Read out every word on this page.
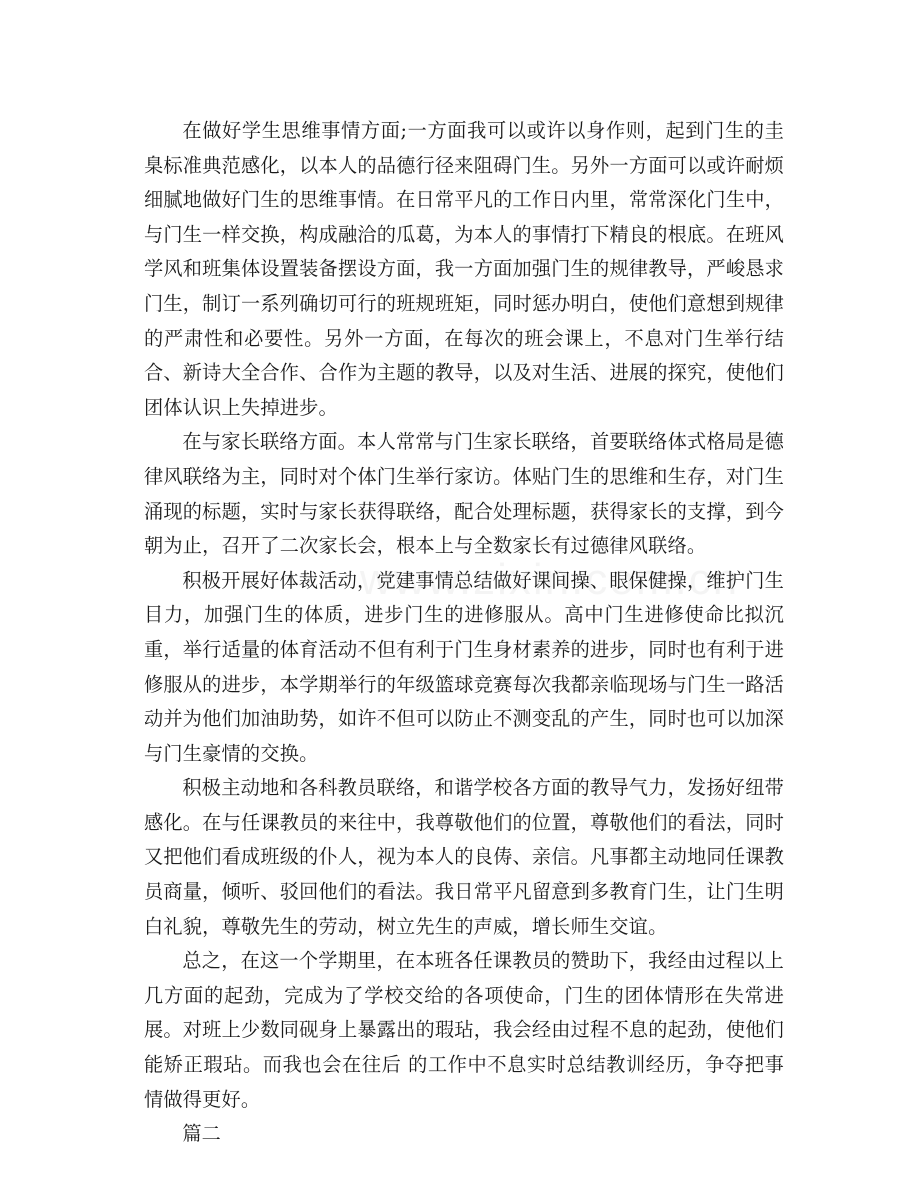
在做好学生思维事情方面;一方面我可以或许以身作则，起到门生的圭臬标准典范感化，以本人的品德行径来阻碍门生。另外一方面可以或许耐烦细腻地做好门生的思维事情。在日常平凡的工作日内里，常常深化门生中，与门生一样交换，构成融洽的瓜葛，为本人的事情打下精良的根底。在班风学风和班集体设置装备摆设方面，我一方面加强门生的规律教导，严峻恳求门生，制订一系列确切可行的班规班矩，同时惩办明白，使他们意想到规律的严肃性和必要性。另外一方面，在每次的班会课上，不息对门生举行结合、新诗大全合作、合作为主题的教导，以及对生活、进展的探究，使他们团体认识上失掉进步。

在与家长联络方面。本人常常与门生家长联络，首要联络体式格局是德律风联络为主，同时对个体门生举行家访。体贴门生的思维和生存，对门生涌现的标题，实时与家长获得联络，配合处理标题，获得家长的支撑，到今朝为止，召开了二次家长会，根本上与全数家长有过德律风联络。

积极开展好体裁活动，党建事情总结做好课间操、眼保健操，维护门生目力，加强门生的体质，进步门生的进修服从。高中门生进修使命比拟沉重，举行适量的体育活动不但有利于门生身材素养的进步，同时也有利于进修服从的进步，本学期举行的年级篮球竞赛每次我都亲临现场与门生一路活动并为他们加油助势，如许不但可以防止不测变乱的产生，同时也可以加深与门生豪情的交换。

积极主动地和各科教员联络，和谐学校各方面的教导气力，发扬好纽带感化。在与任课教员的来往中，我尊敬他们的位置，尊敬他们的看法，同时又把他们看成班级的仆人，视为本人的良俦、亲信。凡事都主动地同任课教员商量，倾听、驳回他们的看法。我日常平凡留意到多教育门生，让门生明白礼貌，尊敬先生的劳动，树立先生的声威，增长师生交谊。

总之，在这一个学期里，在本班各任课教员的赞助下，我经由过程以上几方面的起劲，完成为了学校交给的各项使命，门生的团体情形在失常进展。对班上少数同砚身上暴露出的瑕玷，我会经由过程不息的起劲，使他们能矫正瑕玷。而我也会在往后 的工作中不息实时总结教训经历，争夺把事情做得更好。

篇二
